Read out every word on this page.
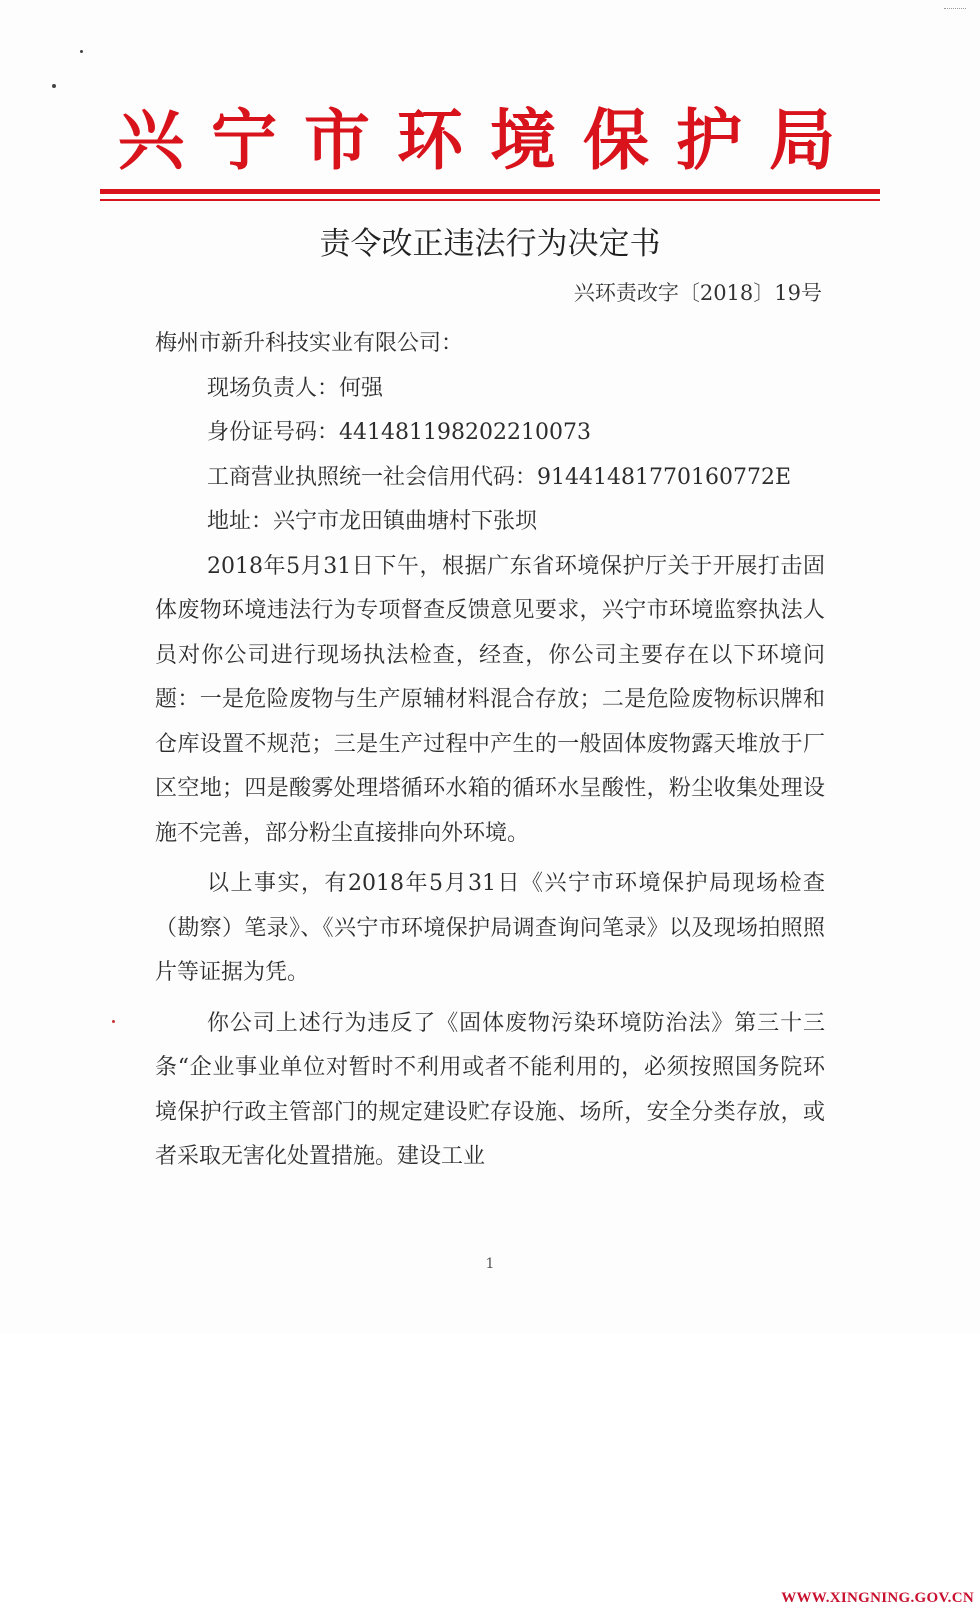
兴宁市环境保护局
责令改正违法行为决定书
兴环责改字〔2018〕19号

梅州市新升科技实业有限公司：

现场负责人：何强

身份证号码：441481198202210073

工商营业执照统一社会信用代码：91441481770160772E

地址：兴宁市龙田镇曲塘村下张坝

2018年5月31日下午，根据广东省环境保护厅关于开展打击固体废物环境违法行为专项督查反馈意见要求，兴宁市环境监察执法人员对你公司进行现场执法检查，经查，你公司主要存在以下环境问题：一是危险废物与生产原辅材料混合存放；二是危险废物标识牌和仓库设置不规范；三是生产过程中产生的一般固体废物露天堆放于厂区空地；四是酸雾处理塔循环水箱的循环水呈酸性，粉尘收集处理设施不完善，部分粉尘直接排向外环境。

以上事实，有2018年5月31日《兴宁市环境保护局现场检查（勘察）笔录》、《兴宁市环境保护局调查询问笔录》以及现场拍照照片等证据为凭。

你公司上述行为违反了《固体废物污染环境防治法》第三十三条“企业事业单位对暂时不利用或者不能利用的，必须按照国务院环境保护行政主管部门的规定建设贮存设施、场所，安全分类存放，或者采取无害化处置措施。建设工业

1
WWW.XINGNING.GOV.CN
